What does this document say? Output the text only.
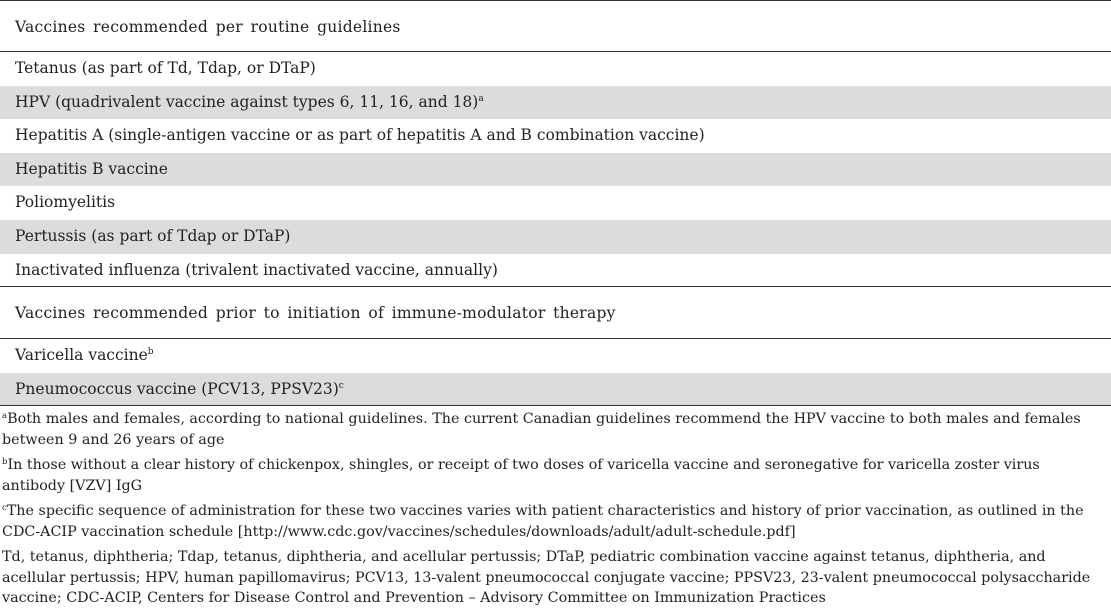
Vaccines recommended per routine guidelines
Tetanus (as part of Td, Tdap, or DTaP)
HPV (quadrivalent vaccine against types 6, 11, 16, and 18)$^a$
Hepatitis A (single-antigen vaccine or as part of hepatitis A and B combination vaccine)
Hepatitis B vaccine
Poliomyelitis
Pertussis (as part of Tdap or DTaP)
Inactivated influenza (trivalent inactivated vaccine, annually)
Vaccines recommended prior to initiation of immune-modulator therapy
Varicella vaccine$^b$
Pneumococcus vaccine (PCV13, PPSV23)$^c$
$^a$Both males and females, according to national guidelines. The current Canadian guidelines recommend the HPV vaccine to both males and females between 9 and 26 years of age
$^b$In those without a clear history of chickenpox, shingles, or receipt of two doses of varicella vaccine and seronegative for varicella zoster virus antibody [VZV] IgG
$^c$The specific sequence of administration for these two vaccines varies with patient characteristics and history of prior vaccination, as outlined in the CDC-ACIP vaccination schedule [http://www.cdc.gov/vaccines/schedules/downloads/adult/adult-schedule.pdf]
Td, tetanus, diphtheria; Tdap, tetanus, diphtheria, and acellular pertussis; DTaP, pediatric combination vaccine against tetanus, diphtheria, and acellular pertussis; HPV, human papillomavirus; PCV13, 13-valent pneumococcal conjugate vaccine; PPSV23, 23-valent pneumococcal polysaccharide vaccine; CDC-ACIP, Centers for Disease Control and Prevention – Advisory Committee on Immunization Practices
